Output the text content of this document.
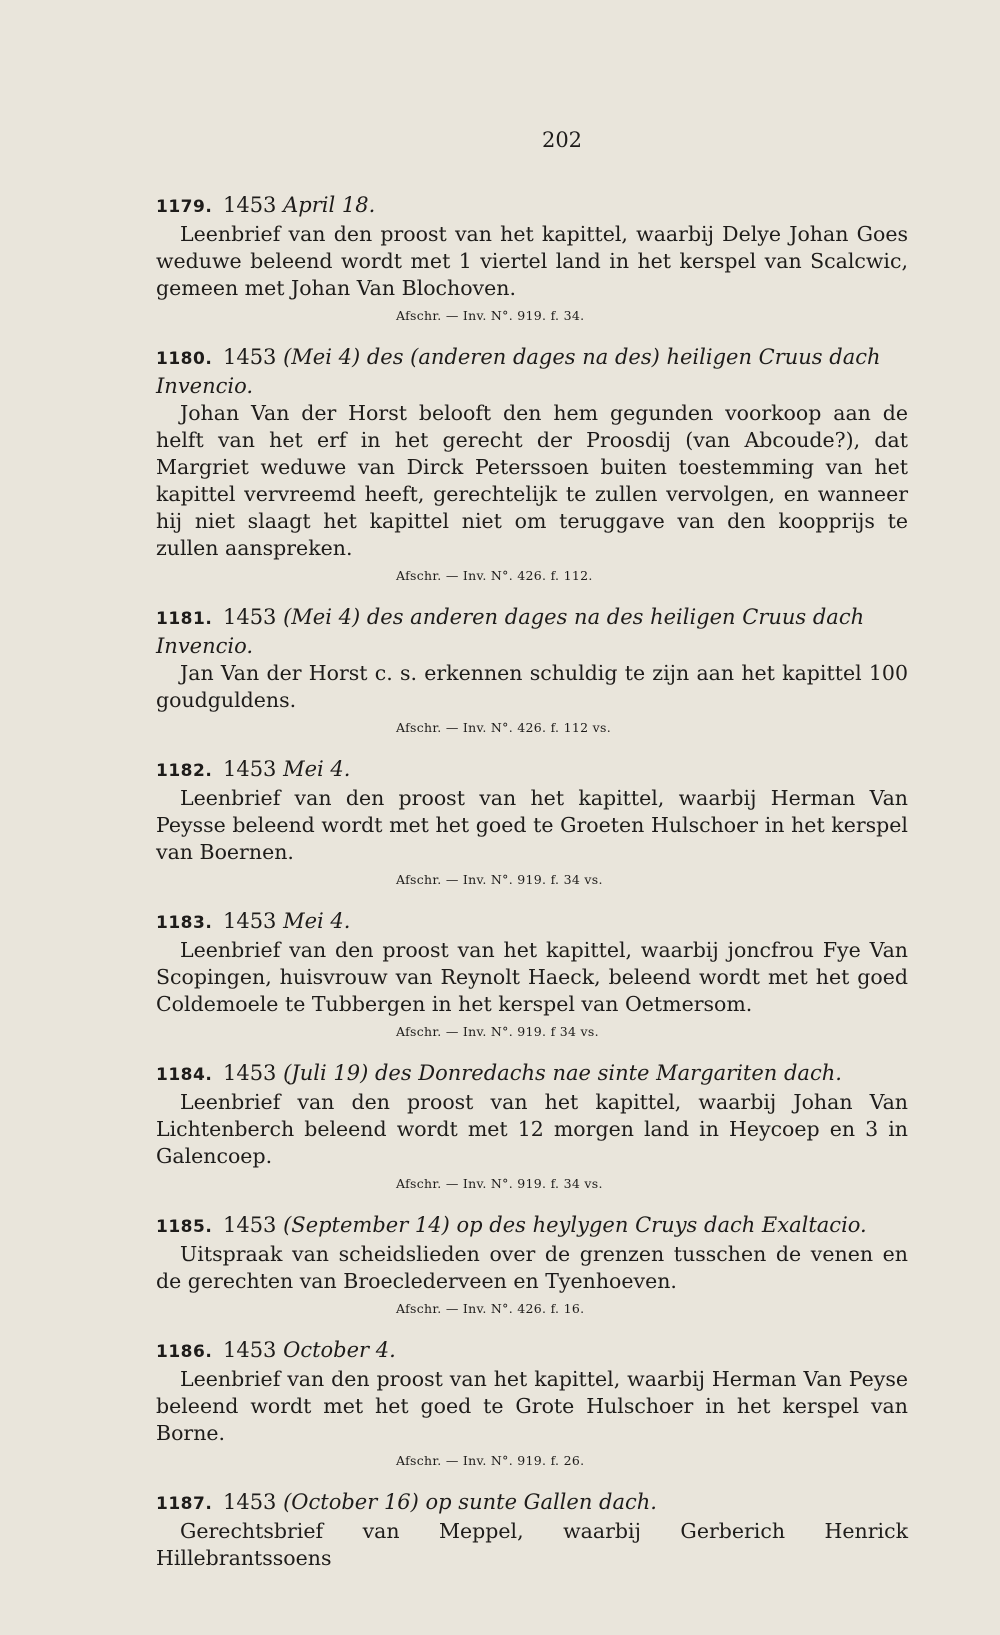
202
1179. 1453 April 18.

Leenbrief van den proost van het kapittel, waarbij Delye Johan Goes weduwe beleend wordt met 1 viertel land in het kerspel van Scalcwic, gemeen met Johan Van Blochoven.

Afschr. — Inv. N°. 919. f. 34.
1180. 1453 (Mei 4) des (anderen dages na des) heiligen Cruus dach Invencio.

Johan Van der Horst belooft den hem gegunden voorkoop aan de helft van het erf in het gerecht der Proosdij (van Abcoude?), dat Margriet weduwe van Dirck Peterssoen buiten toestemming van het kapittel vervreemd heeft, gerechtelijk te zullen vervolgen, en wanneer hij niet slaagt het kapittel niet om teruggave van den koopprijs te zullen aanspreken.

Afschr. — Inv. N°. 426. f. 112.
1181. 1453 (Mei 4) des anderen dages na des heiligen Cruus dach Invencio.

Jan Van der Horst c. s. erkennen schuldig te zijn aan het kapittel 100 goudguldens.

Afschr. — Inv. N°. 426. f. 112 vs.
1182. 1453 Mei 4.

Leenbrief van den proost van het kapittel, waarbij Herman Van Peysse beleend wordt met het goed te Groeten Hulschoer in het kerspel van Boernen.

Afschr. — Inv. N°. 919. f. 34 vs.
1183. 1453 Mei 4.

Leenbrief van den proost van het kapittel, waarbij joncfrou Fye Van Scopingen, huisvrouw van Reynolt Haeck, beleend wordt met het goed Coldemoele te Tubbergen in het kerspel van Oetmersom.

Afschr. — Inv. N°. 919. f 34 vs.
1184. 1453 (Juli 19) des Donredachs nae sinte Margariten dach.

Leenbrief van den proost van het kapittel, waarbij Johan Van Lichtenberch beleend wordt met 12 morgen land in Heycoep en 3 in Galencoep.

Afschr. — Inv. N°. 919. f. 34 vs.
1185. 1453 (September 14) op des heylygen Cruys dach Exaltacio.

Uitspraak van scheidslieden over de grenzen tusschen de venen en de gerechten van Broeclederveen en Tyenhoeven.

Afschr. — Inv. N°. 426. f. 16.
1186. 1453 October 4.

Leenbrief van den proost van het kapittel, waarbij Herman Van Peyse beleend wordt met het goed te Grote Hulschoer in het kerspel van Borne.

Afschr. — Inv. N°. 919. f. 26.
1187. 1453 (October 16) op sunte Gallen dach.

Gerechtsbrief van Meppel, waarbij Gerberich Henrick Hillebrantssoens
